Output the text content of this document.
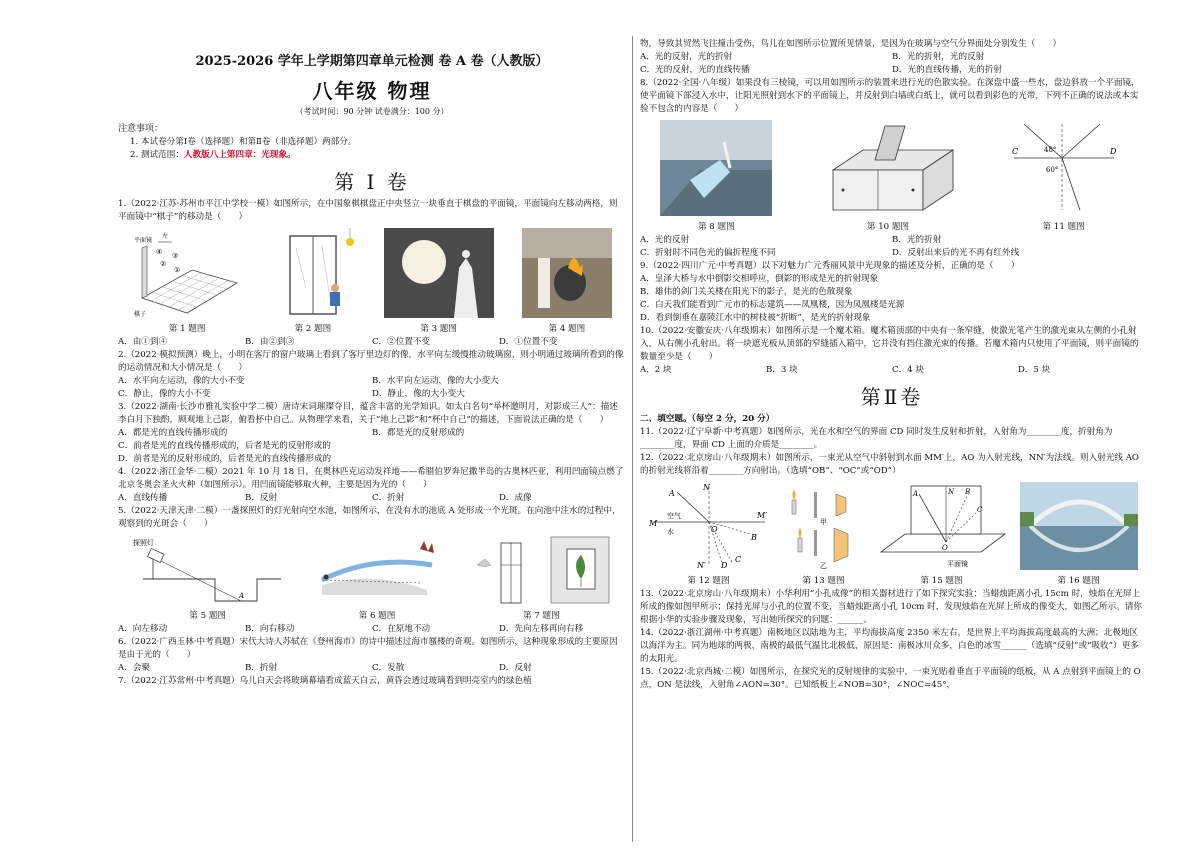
2025-2026 学年上学期第四章单元检测 卷 A 卷（人教版）
八年级 物理
（考试时间：90 分钟 试卷满分：100 分）

注意事项：

1. 本试卷分第Ⅰ卷（选择题）和第Ⅱ卷（非选择题）两部分。

2. 测试范围：人教版八上第四章：光现象。

第 I 卷

1.（2022·江苏·苏州市平江中学校一模）如图所示，在中国象棋棋盘正中央竖立一块垂直于棋盘的平面镜，平面镜向左移动两格，则平面镜中“棋子”的移动是（　　）

平面镜
左
④ ③
②
①
棋子
第 1 题图	第 2 题图	第 3 题图	第 4 题图
A．由①到④	B．由②到③	C．②位置不变	D．①位置不变

2.（2022·模拟预测）晚上，小明在客厅的窗户玻璃上看到了客厅里边灯的像，水平向左缓慢推动玻璃窗，则小明通过玻璃所看到的像的运动情况和大小情况是（　　）

A．水平向左运动，像的大小不变	B．水平向左运动，像的大小变大
C．静止，像的大小不变	D．静止，像的大小变大

3.（2022·湖南·长沙市雅礼实验中学二模）唐诗宋词璀璨夺目，蕴含丰富的光学知识。如太白名句“举杯邀明月，对影成三人”：描述李白月下独酌，顾观地上己影，俯看杯中自己。从物理学来看，关于“地上己影”和“杯中自己”的描述，下面说法正确的是（　　）

A．都是光的直线传播形成的	B．都是光的反射形成的

C．前者是光的直线传播形成的，后者是光的反射形成的

D．前者是光的反射形成的，后者是光的直线传播形成的

4.（2022·浙江金华·二模）2021 年 10 月 18 日，在奥林匹克运动发祥地——希腊伯罗奔尼撒半岛的古奥林匹亚，利用凹面镜点燃了北京冬奥会圣火火种（如图所示）。用凹面镜能够取火种，主要是因为光的（　　）

A．直线传播	B．反射	C．折射	D．成像

5.（2022·天津天津·二模）一盏探照灯的灯光射向空水池，如图所示，在没有水的池底 A 处形成一个光斑。在向池中注水的过程中，观察到的光斑会（　　）

探照灯
A
第 5 题图	第 6 题图	第 7 题图
A．向左移动	B．向右移动	C．在原地不动	D．先向左移再向右移

6.（2022·广西玉林·中考真题）宋代大诗人苏轼在《登州海市》的诗中描述过海市蜃楼的奇观。如图所示，这种现象形成的主要原因是由于光的（　　）

A．会聚	B．折射	C．发散	D．反射

7.（2022·江苏常州·中考真题）乌儿白天会将玻璃幕墙看成蓝天白云，黄昏会透过玻璃看到明亮室内的绿色植

物，导致其贸然飞往撞击受伤，鸟儿在如图所示位置所见情景，是因为在玻璃与空气分界面处分别发生（　　）

A．光的反射，光的折射	B．光的折射，光的反射
C．光的反射，光的直线传播	D．光的直线传播，光的折射

8.（2022·全国·八年级）如果没有三棱镜，可以用如图所示的装置来进行光的色散实验。在深盘中盛一些水，盘边斜放一个平面镜，使平面镜下部浸入水中，让阳光照射到水下的平面镜上，并反射到白墙或白纸上，就可以看到彩色的光带，下列不正确的说法或本实验不包含的内容是（　　）

第 8 题图	第 10 题图
C	D
48°
60°
第 11 题图
A．光的反射	B．光的折射
C．折射时不同色光的偏折程度不同	D．反射出来后的光不再有红外线

9.（2022·四川广元·中考真题）以下对魅力广元秀丽风景中光现象的描述及分析，正确的是（　　）

A．皇泽大桥与水中倒影交相呼应，倒影的形成是光的折射现象

B．雄伟的剑门关关楼在阳光下的影子，是光的色散现象

C．白天我们能看到广元市的标志建筑——凤凰楼，因为凤凰楼是光源

D．看到倒垂在嘉陵江水中的树枝被“折断”，是光的折射现象

10.（2022·安徽安庆·八年级期末）如图所示是一个魔术箱。魔术箱顶部的中央有一条窄缝，使激光笔产生的激光束从左侧的小孔射入，从右侧小孔射出。将一块遮光板从顶部的窄缝插入箱中，它并没有挡住激光束的传播。若魔术箱内只使用了平面镜，则平面镜的数量至少是（　　）

A．2 块	B．3 块	C．4 块	D．5 块
第Ⅱ卷

二、填空题。（每空 2 分，20 分）

11.（2022·辽宁阜新·中考真题）如图所示，光在水和空气的界面 CD 同时发生反射和折射，入射角为________度，折射角为________度，界面 CD 上面的介质是________。

12.（2022·北京房山·八年级期末）如图所示，一束光从空气中斜射到水面 MM′上，AO 为入射光线，NN′为法线。则入射光线 AO 的折射光线将沿着________方向射出。（选填“OB”、“OC”或“OD”）

M
M′
N
N′
A
B
C
D
O
空气
水
第 12 题图
甲
乙
第 13 题图
A	B
C
N
O
平面镜
第 15 题图	第 16 题图

13.（2022·北京房山·八年级期末）小华利用“小孔成像”的相关器材进行了如下探究实验：当蜡烛距离小孔 15cm 时，烛焰在光屏上所成的像如图甲所示；保持光屏与小孔的位置不变，当蜡烛距离小孔 10cm 时，发现烛焰在光屏上所成的像变大，如图乙所示。请你根据小华的实验步骤及现象，写出她所探究的问题：______。

14.（2022·浙江湖州·中考真题）南极地区以陆地为主，平均海拔高度 2350 米左右，是世界上平均海拔高度最高的大洲；北极地区以海洋为主。同为地球的两极，南极的最低气温比北极低，原因是：南极冰川众多，白色的冰雪______（选填“反射”或“吸收”）更多的太阳光。

15.（2022·北京西城·二模）如图所示，在探究光的反射规律的实验中，一束光贴着垂直于平面镜的纸板，从 A 点射到平面镜上的 O 点，ON 是法线，入射角∠AON=30°。已知纸板上∠NOB=30°，∠NOC=45°，
